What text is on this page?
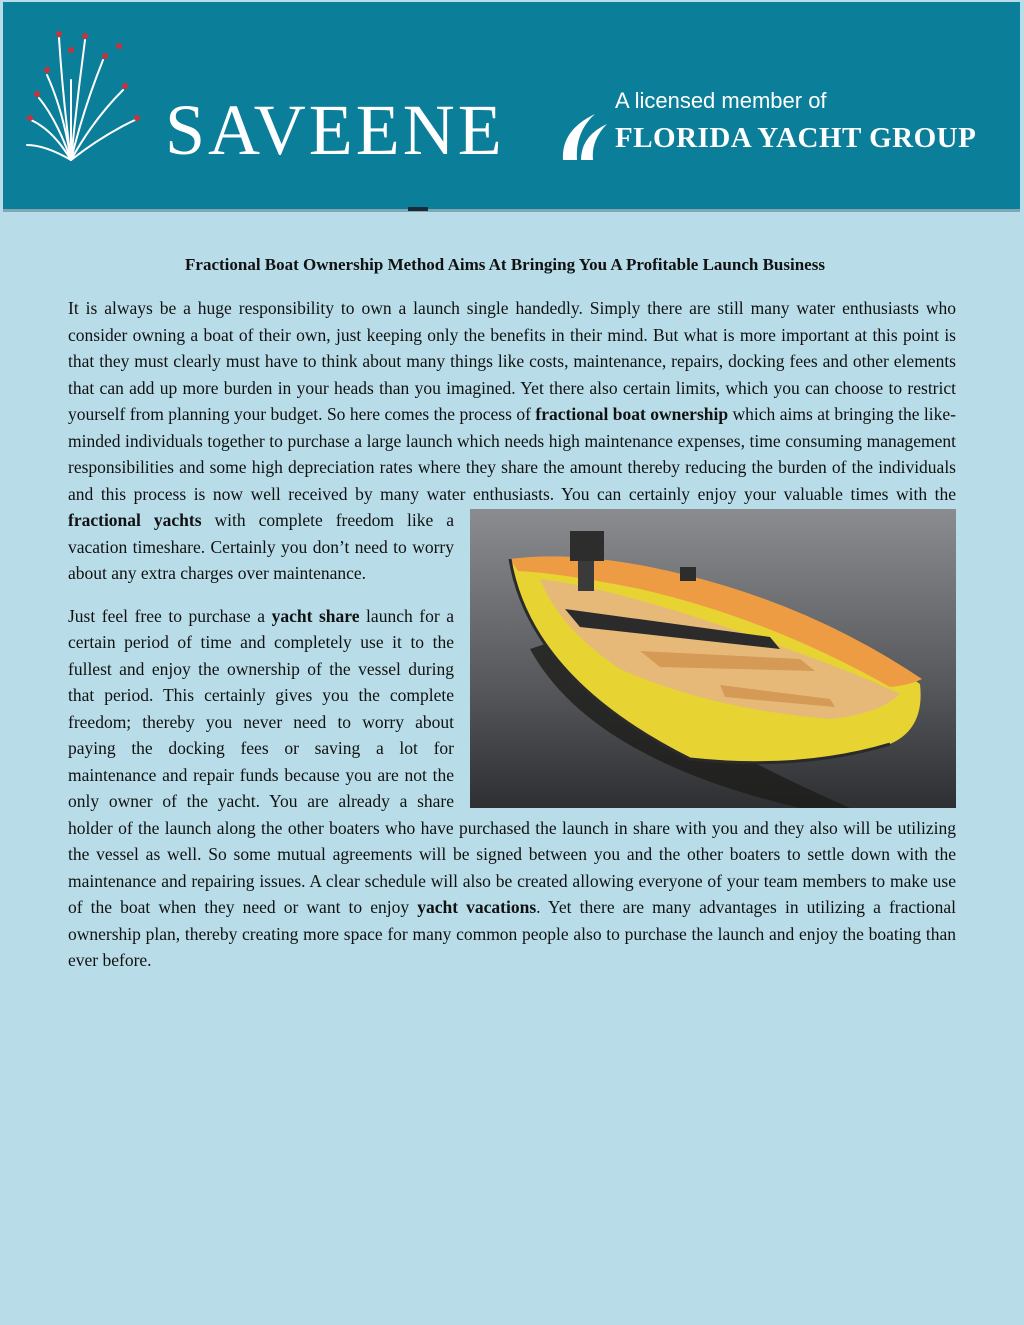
SAVEENE	A licensed member of
FLORIDA YACHT GROUP
Fractional Boat Ownership Method Aims At Bringing You A Profitable Launch Business

It is always be a huge responsibility to own a launch single handedly. Simply there are still many water enthusiasts who consider owning a boat of their own, just keeping only the benefits in their mind. But what is more important at this point is that they must clearly must have to think about many things like costs, maintenance, repairs, docking fees and other elements that can add up more burden in your heads than you imagined. Yet there also certain limits, which you can choose to restrict yourself from planning your budget. So here comes the process of fractional boat ownership which aims at bringing the like-minded individuals together to purchase a large launch which needs high maintenance expenses, time consuming management responsibilities and some high depreciation rates where they share the amount thereby reducing the burden of the individuals and this process is now well received by many water enthusiasts. You can certainly enjoy your valuable times with the
fractional yachts with complete freedom like a vacation timeshare. Certainly you don’t need to worry about any extra charges over maintenance.

Just feel free to purchase a yacht share launch for a certain period of time and completely use it to the fullest and enjoy the ownership of the vessel during that period. This certainly gives you the complete freedom; thereby you never need to worry about paying the docking fees or saving a lot for maintenance and repair funds because you are not the only owner of the yacht. You are already a share holder of the launch along the other boaters who have purchased the launch in share with you and they also will be utilizing the vessel as well. So some mutual agreements will be signed between you and the other boaters to settle down with the maintenance and repairing issues. A clear schedule will also be created allowing everyone of your team members to make use of the boat when they need or want to enjoy yacht vacations. Yet there are many advantages in utilizing a fractional ownership plan, thereby creating more space for many common people also to purchase the launch and enjoy the boating than ever before.
